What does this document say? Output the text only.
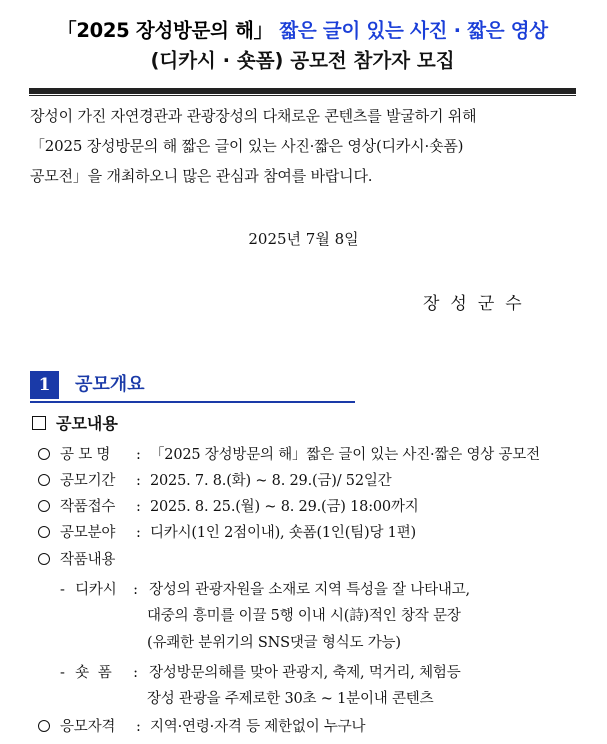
「2025 장성방문의 해」 짧은 글이 있는 사진 · 짧은 영상
(디카시 · 숏폼) 공모전 참가자 모집
장성이 가진 자연경관과 관광장성의 다채로운 콘텐츠를 발굴하기 위해
「2025 장성방문의 해 짧은 글이 있는 사진·짧은 영상(디카시·숏폼)
공모전」을 개최하오니 많은 관심과 참여를 바랍니다.
2025년 7월 8일
장성군수
1	공모개요
공모내용
공 모 명 : 「2025 장성방문의 해」짧은 글이 있는 사진·짧은 영상 공모전
공모기간 : 2025. 7. 8.(화) ~ 8. 29.(금)/ 52일간
작품접수 : 2025. 8. 25.(월) ~ 8. 29.(금) 18:00까지
공모분야 : 디카시(1인 2점이내), 숏폼(1인(팀)당 1편)
작품내용
- 디카시 : 장성의 관광자원을 소재로 지역 특성을 잘 나타내고,
대중의 흥미를 이끌 5행 이내 시(詩)적인 창작 문장
(유쾌한 분위기의 SNS댓글 형식도 가능)
- 숏  폼 : 장성방문의해를 맞아 관광지, 축제, 먹거리, 체험등
장성 관광을 주제로한 30초 ~ 1분이내 콘텐츠
응모자격 : 지역·연령·자격 등 제한없이 누구나
